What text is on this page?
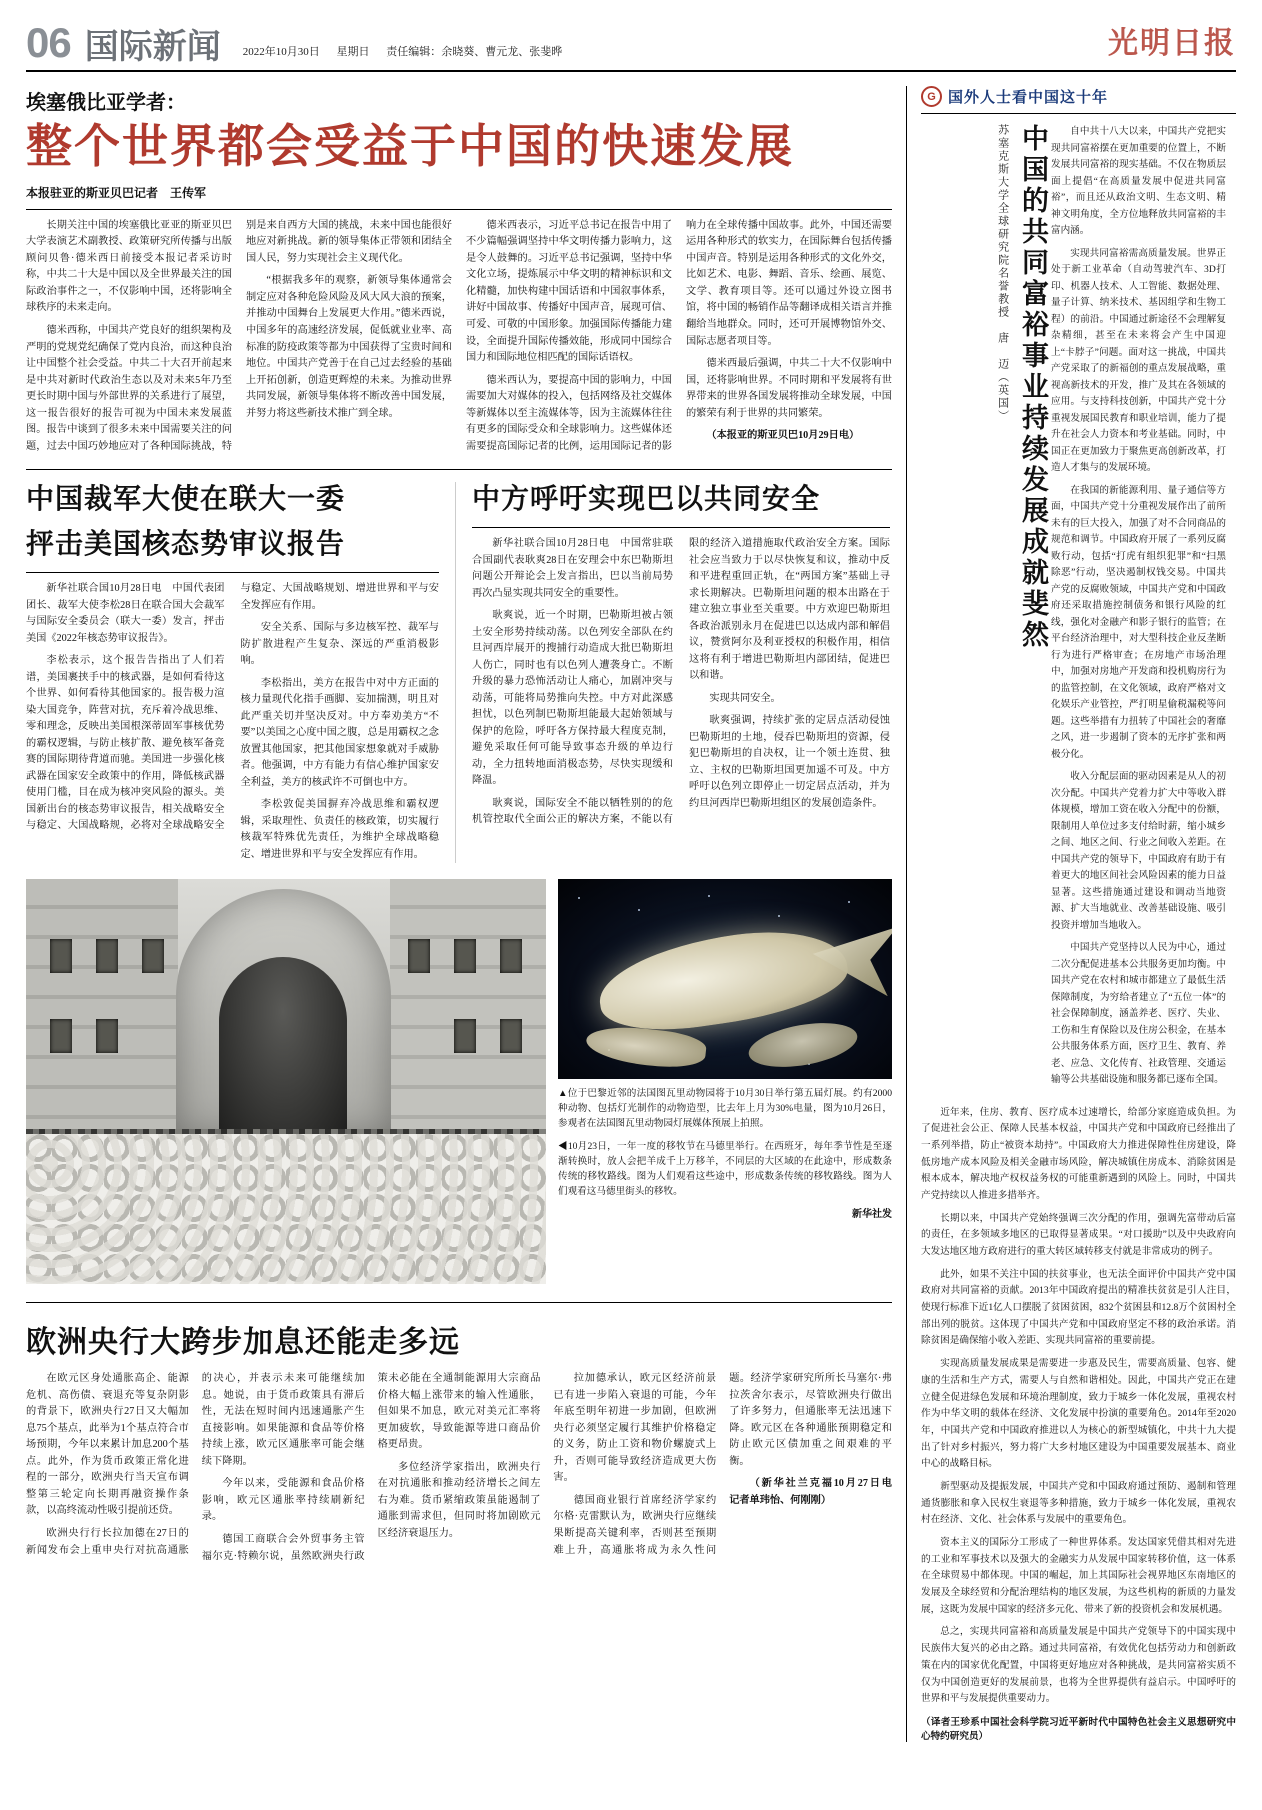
06 国际新闻 2022年10月30日 星期日 责任编辑：余晓葵、曹元龙、张斐晔	光明日报
埃塞俄比亚学者：
整个世界都会受益于中国的快速发展
本报驻亚的斯亚贝巴记者　王传军

长期关注中国的埃塞俄比亚亚的斯亚贝巴大学表演艺术副教授、政策研究所传播与出版顾问贝鲁·德米西日前接受本报记者采访时称，中共二十大是中国以及全世界最关注的国际政治事件之一，不仅影响中国，还将影响全球秩序的未来走向。

德米西称，中国共产党良好的组织架构及严明的党规党纪确保了党内良治，而这种良治让中国整个社会受益。中共二十大召开前起来是中共对新时代政治生态以及对未来5年乃至更长时期中国与外部世界的关系进行了展望，这一报告很好的报告可视为中国未来发展蓝图。报告中谈到了很多未来中国需要关注的问题，过去中国巧妙地应对了各种国际挑战，特别是来自西方大国的挑战，未来中国也能很好地应对新挑战。新的领导集体正带领和团结全国人民，努力实现社会主义现代化。

“根据我多年的观察，新领导集体通常会制定应对各种危险风险及风大风大浪的预案，并推动中国舞台上发展更大作用。”德米西说，中国多年的高速经济发展，促低就业业率、高标准的防疫政策等都为中国获得了宝贵时间和地位。中国共产党善于在自己过去经验的基础上开拓创新，创造更辉煌的未来。为推动世界共同发展，新领导集体将不断改善中国发展，并努力将这些新技术推广到全球。

德米西表示，习近平总书记在报告中用了不少篇幅强调坚持中华文明传播力影响力，这是令人鼓舞的。习近平总书记强调，坚持中华文化立场，提炼展示中华文明的精神标识和文化精髓，加快构建中国话语和中国叙事体系，讲好中国故事、传播好中国声音，展现可信、可爱、可敬的中国形象。加强国际传播能力建设，全面提升国际传播效能，形成同中国综合国力和国际地位相匹配的国际话语权。

德米西认为，要提高中国的影响力，中国需要加大对媒体的投入，包括网络及社交媒体等新媒体以至主流媒体等，因为主流媒体往往有更多的国际受众和全球影响力。这些媒体还需要提高国际记者的比例，运用国际记者的影响力在全球传播中国故事。此外，中国还需要运用各种形式的软实力，在国际舞台包括传播中国声音。特别是运用各种形式的文化外交，比如艺术、电影、舞蹈、音乐、绘画、展览、文学、教育项目等。还可以通过外设立图书馆，将中国的畅销作品等翻译成相关语言并推翻给当地群众。同时，还可开展博物馆外交、国际志愿者项目等。

德米西最后强调，中共二十大不仅影响中国，还将影响世界。不同时期和平发展将有世界带来的世界各国发展将推动全球发展，中国的繁荣有利于世界的共同繁荣。

（本报亚的斯亚贝巴10月29日电）

中国裁军大使在联大一委
抨击美国核态势审议报告

新华社联合国10月28日电　中国代表团团长、裁军大使李松28日在联合国大会裁军与国际安全委员会（联大一委）发言，抨击美国《2022年核态势审议报告》。

李松表示，这个报告告指出了人们若谱，美国裹挟手中的核武器，是如何看待这个世界、如何看待其他国家的。报告极力渲染大国竞争，阵营对抗，充斥着冷战思维、零和理念，反映出美国根深蒂固军事核优势的霸权逻辑，与防止核扩散、避免核军备竞赛的国际期待背道而驰。美国进一步强化核武器在国家安全政策中的作用，降低核武器使用门槛，目在成为核冲突风险的源头。美国新出台的核态势审议报告，相关战略安全与稳定、大国战略规，必将对全球战略安全与稳定、大国战略规划、增进世界和平与安全发挥应有作用。

安全关系、国际与多边核军控、裁军与防扩散进程产生复杂、深远的严重消极影响。

李松指出，美方在报告中对中方正面的核力量现代化指手画脚、妄加揣测，明且对此严重关切并坚决反对。中方奉劝美方“不要”以美国之心度中国之腹，总是用霸权之念放置其他国家，把其他国家想象就对手威胁者。他强调，中方有能力有信心维护国家安全利益，美方的核武许不可倒也中方。

李松敦促美国摒弃冷战思维和霸权逻辑，采取理性、负责任的核政策，切实履行核裁军特殊优先责任，为维护全球战略稳定、增进世界和平与安全发挥应有作用。

中方呼吁实现巴以共同安全

新华社联合国10月28日电　中国常驻联合国副代表耿爽28日在安理会中东巴勒斯坦问题公开辩论会上发言指出，巴以当前局势再次凸显实现共同安全的重要性。

耿爽说，近一个时期，巴勒斯坦被占领土安全形势持续动荡。以色列安全部队在约旦河西岸展开的搜捕行动造成大批巴勒斯坦人伤亡，同时也有以色列人遭袭身亡。不断升级的暴力恐怖活动让人痛心，加剧冲突与动荡，可能将局势推向失控。中方对此深感担忧，以色列制巴勒斯坦能最大起始领域与保护的危险，呼吁各方保持最大程度克制，避免采取任何可能导致事态升级的单边行动，全力扭转地面消极态势，尽快实现缓和降温。

耿爽说，国际安全不能以牺牲别的的危机管控取代全面公正的解决方案，不能以有限的经济入道措施取代政治安全方案。国际社会应当致力于以尽快恢复和议，推动中反和平进程重回正轨，在“两国方案”基础上寻求长期解决。巴勒斯坦问题的根本出路在于建立独立事业至关重要。中方欢迎巴勒斯坦各政治派别永月在促进巴以达成内部和解倡议，赞赏阿尔及利亚授权的积极作用，相信这将有利于增进巴勒斯坦内部团结，促进巴以和谐。

实现共同安全。

耿爽强调，持续扩张的定居点活动侵蚀巴勒斯坦的土地，侵吞巴勒斯坦的资源，侵犯巴勒斯坦的自决权，让一个领土连贯、独立、主权的巴勒斯坦国更加遥不可及。中方呼吁以色列立即停止一切定居点活动，并为约旦河西岸巴勒斯坦组区的发展创造条件。

▲位于巴黎近邻的法国图瓦里动物园将于10月30日举行第五届灯展。约有2000种动物、包括灯光制作的动物造型，比去年上月为30%电量，图为10月26日，参观者在法国图瓦里动物园灯展媒体预展上拍照。
◀10月23日，一年一度的移牧节在马德里举行。在西班牙，每年季节性是至逐渐转换时，放人会把羊成千上万移羊，不同层的大区域的在此途中，形成数条传统的移牧路线。图为人们观看这些途中，形成数条传统的移牧路线。图为人们观看这马德里街头的移牧。
新华社发
欧洲央行大跨步加息还能走多远

在欧元区身处通胀高企、能源危机、高伤债、衰退充等复杂阴影的背景下，欧洲央行27日又大幅加息75个基点，此举为1个基点符合市场预期，今年以来累计加息200个基点。此外，作为货币政策正常化进程的一部分，欧洲央行当天宣布调整第三轮定向长期再融资操作条款，以高终流动性吸引提前还贷。

欧洲央行行长拉加德在27日的新闻发布会上重申央行对抗高通胀的决心，并表示未来可能继续加息。她说，由于货币政策具有滞后性，无法在短时间内迅速通胀产生直接影响。如果能源和食品等价格持续上涨，欧元区通胀率可能会继续下降期。

今年以来，受能源和食品价格影响，欧元区通胀率持续刷新纪录。

德国工商联合会外贸事务主管福尔克·特赖尔说，虽然欧洲央行政策未必能在全通制能源用大宗商品价格大幅上涨带来的输入性通胀，但如果不加息，欧元对美元汇率将更加疲软，导致能源等进口商品价格更昂贵。

多位经济学家指出，欧洲央行在对抗通胀和推动经济增长之间左右为难。货币紧缩政策虽能遏制了通胀到需求但，但同时将加剧欧元区经济衰退压力。

拉加德承认，欧元区经济前景已有进一步陷入衰退的可能，今年年底至明年初进一步加剧，但欧洲央行必须坚定履行其维护价格稳定的义务，防止工资和物价螺旋式上升，否则可能导致经济造成更大伤害。

德国商业银行首席经济学家约尔格·克雷默认为，欧洲央行应继续果断提高关键利率，否则甚至预期难上升，高通胀将成为永久性问题。经济学家研究所所长马塞尔·弗拉茨舍尔表示，尽管欧洲央行做出了许多努力，但通胀率无法迅速下降。欧元区在各种通胀预期稳定和防止欧元区债加重之间艰难的平衡。

（新华社兰克福10月27日电　记者单玮怡、何刚刚）

G 国外人士看中国这十年
中国的共同富裕事业持续发展成就斐然
苏塞克斯大学全球研究院名誉教授　唐　迈（英国）	自中共十八大以来，中国共产党把实现共同富裕摆在更加重要的位置上，不断发展共同富裕的现实基础。不仅在物质层面上提倡“在高质量发展中促进共同富裕”，而且还从政治文明、生态文明、精神文明角度，全方位地释放共同富裕的丰富内涵。

实现共同富裕需高质量发展。世界正处于新工业革命（自动驾驶汽车、3D打印、机器人技术、人工智能、数据处理、量子计算、纳米技术、基因组学和生物工程）的前沿。中国通过新途径不会理解复杂精细，甚至在未来将会产生中国迎上“卡脖子”问题。面对这一挑战，中国共产党采取了的新福创的重点发展战略，重视高新技术的开发，推广及其在各领域的应用。与支持科技创新，中国共产党十分重视发展国民教育和职业培训，能力了提升在社会人力资本和考业基础。同时，中国正在更加致力于聚焦更高创新改革，打造人才集与的发展环境。

在我国的新能源利用、量子通信等方面，中国共产党十分重视发展作出了前所未有的巨大投入，加强了对不合同商品的规范和调节。中国政府开展了一系列反腐败行动，包括“打虎有组织犯罪”和“扫黑除恶”行动，坚决遏制权钱交易。中国共产党的反腐败领域，中国共产党和中国政府还采取措施控制债务和银行风险的红线，强化对金融产和影子银行的监管；在平台经济治理中，对大型科技企业反垄断行为进行严格审查；在房地产市场治理中，加强对房地产开发商和投机购房行为的监管控制，在文化领域，政府严格对文化娱乐产业管控，严打明星偷税漏税等问题。这些举措有力扭转了中国社会的奢靡之风，进一步遏制了资本的无序扩张和两极分化。

收入分配层面的驱动因素是从人的初次分配。中国共产党着力扩大中等收入群体规模，增加工资在收入分配中的份额，限制用人单位过多支付给时薪，缩小城乡之间、地区之间、行业之间收入差距。在中国共产党的领导下，中国政府有助于有着更大的地区间社会风险因素的能力日益显著。这些措施通过建设和调动当地资源、扩大当地就业、改善基础设施、吸引投资并增加当地收入。

中国共产党坚持以人民为中心，通过二次分配促进基本公共服务更加均衡。中国共产党在农村和城市都建立了最低生活保障制度，为穷给者建立了“五位一体”的社会保障制度，涵盖养老、医疗、失业、工伤和生育保险以及住房公积金，在基本公共服务体系方面，医疗卫生、教育、养老、应急、文化传育、社政管理、交通运输等公共基础设施和服务都已逐布全国。

近年来，住房、教育、医疗成本过速增长，给部分家庭造成负担。为了促进社会公正、保障人民基本权益，中国共产党和中国政府已经推出了一系列举措，防止“被资本劫持”。中国政府大力推进保障性住房建设，降低房地产成本风险及相关金融市场风险，解决城镇住房成本、消除贫困是根本成本，解决地产权权益务权的可能重新遇到的风险上。同时，中国共产党持续以人推进多措举齐。

长期以来，中国共产党始终强调三次分配的作用，强调先富带动后富的责任，在多领域多地区的已取得显著成果。“对口援助”以及中央政府向大发达地区地方政府进行的重大转区域转移支付就是非常成功的例子。

此外，如果不关注中国的扶贫事业，也无法全面评价中国共产党中国政府对共同富裕的贡献。2013年中国政府提出的精准扶贫贫是引人注目，使现行标准下近1亿人口摆脱了贫困贫困，832个贫困县和12.8万个贫困村全部出列的脱贫。这体现了中国共产党和中国政府坚定不移的政治承诺。消除贫困是确保缩小收入差距、实现共同富裕的重要前提。

实现高质量发展成果是需要进一步惠及民生，需要高质量、包容、健康的生活和生产方式，需要人与自然和谐相处。因此，中国共产党正在建立健全促进绿色发展和环境治理制度，致力于城乡一体化发展，重视农村作为中华文明的载体在经济、文化发展中扮演的重要角色。2014年至2020年，中国共产党和中国政府推进以人为核心的新型城镇化，中共十九大提出了针对乡村振兴，努力将广大乡村地区建设为中国重要发展基本、商业中心的战略目标。

新型驱动及提振发展，中国共产党和中国政府通过预防、遏制和管理通货膨胀和拿入民权生衰退等多种措施，致力于城乡一体化发展，重视农村在经济、文化、社会体系与发展中的重要角色。

资本主义的国际分工形成了一种世界体系。发达国家凭借其相对先进的工业和军事技术以及强大的金融实力从发展中国家转移价值，这一体系在全球贸易中都体现。中国的崛起，加上其国际社会视界地区东南地区的发展及全球经贸和分配治理结构的地区发展，为这些机构的新质的力量发展，这既为发展中国家的经济多元化、带来了新的投资机会和发展机遇。

总之，实现共同富裕和高质量发展是中国共产党领导下的中国实现中民族伟大复兴的必由之路。通过共同富裕，有效优化包括劳动力和创新政策在内的国家优化配置，中国将更好地应对各种挑战，是共同富裕实质不仅为中国创造更好的发展前景，也将为全世界提供有益启示。中国呼吁的世界和平与发展提供重要动力。

（译者王珍系中国社会科学院习近平新时代中国特色社会主义思想研究中心特约研究员）
